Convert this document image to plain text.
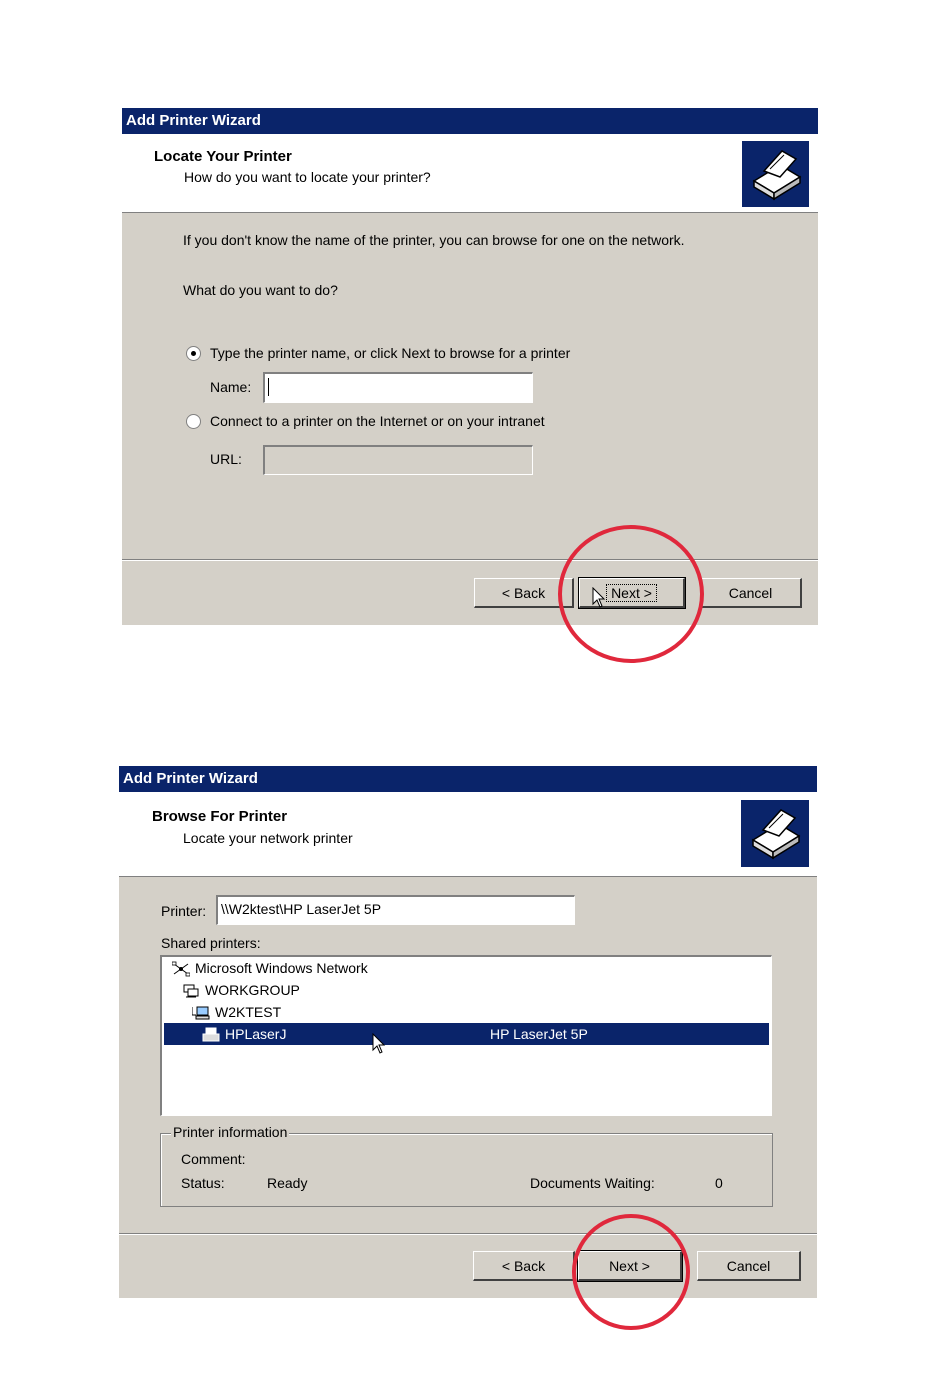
Add Printer Wizard
Locate Your Printer
How do you want to locate your printer?
If you don't know the name of the printer, you can browse for one on the network.
What do you want to do?
Type the printer name, or click Next to browse for a printer
Name:
Connect to a printer on the Internet or on your intranet
URL:
< Back	Next >	Cancel
Add Printer Wizard
Browse For Printer
Locate your network printer
Printer:	\\W2ktest\HP LaserJet 5P
Shared printers:
Microsoft Windows Network
WORKGROUP
W2KTEST
HPLaserJ	HP LaserJet 5P
Printer information
Comment:
Status:	Ready	Documents Waiting:	0
< Back	Next >	Cancel
